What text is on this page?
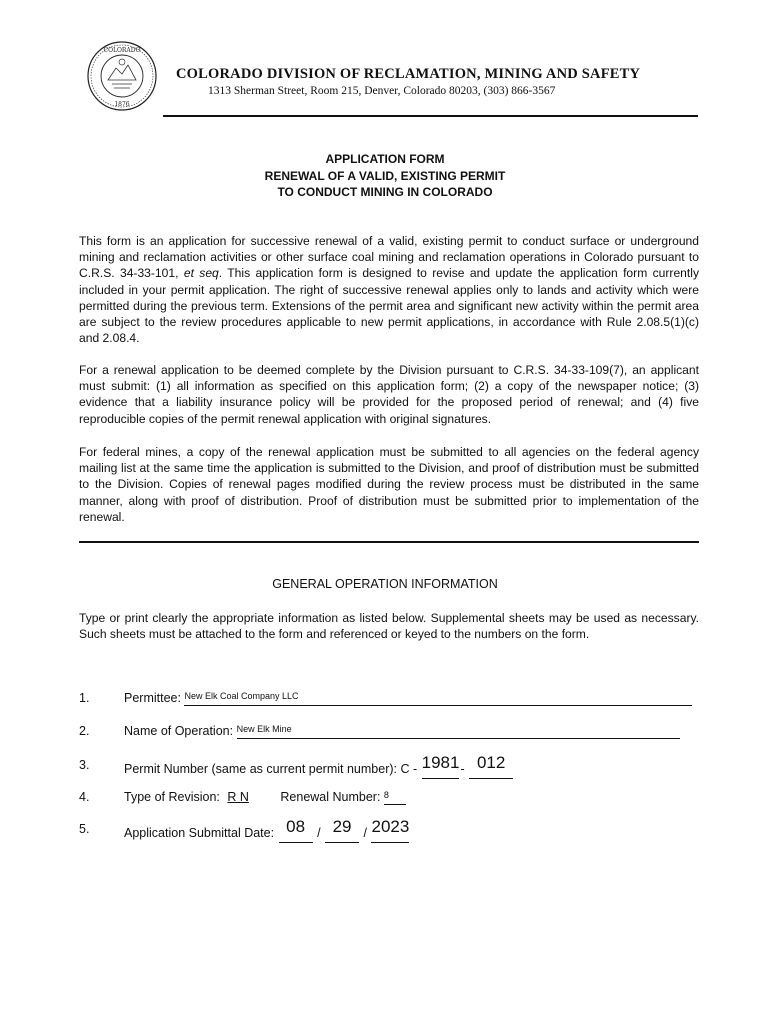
COLORADO
1876
COLORADO DIVISION OF RECLAMATION, MINING AND SAFETY
1313 Sherman Street, Room 215, Denver, Colorado 80203, (303) 866-3567
APPLICATION FORM
RENEWAL OF A VALID, EXISTING PERMIT
TO CONDUCT MINING IN COLORADO
This form is an application for successive renewal of a valid, existing permit to conduct surface or underground mining and reclamation activities or other surface coal mining and reclamation operations in Colorado pursuant to C.R.S. 34-33-101, et seq. This application form is designed to revise and update the application form currently included in your permit application. The right of successive renewal applies only to lands and activity which were permitted during the previous term. Extensions of the permit area and significant new activity within the permit area are subject to the review procedures applicable to new permit applications, in accordance with Rule 2.08.5(1)(c) and 2.08.4.
For a renewal application to be deemed complete by the Division pursuant to C.R.S. 34-33-109(7), an applicant must submit: (1) all information as specified on this application form; (2) a copy of the newspaper notice; (3) evidence that a liability insurance policy will be provided for the proposed period of renewal; and (4) five reproducible copies of the permit renewal application with original signatures.
For federal mines, a copy of the renewal application must be submitted to all agencies on the federal agency mailing list at the same time the application is submitted to the Division, and proof of distribution must be submitted to the Division. Copies of renewal pages modified during the review process must be distributed in the same manner, along with proof of distribution. Proof of distribution must be submitted prior to implementation of the renewal.
GENERAL OPERATION INFORMATION
Type or print clearly the appropriate information as listed below. Supplemental sheets may be used as necessary. Such sheets must be attached to the form and referenced or keyed to the numbers on the form.
1.	Permittee: $^{New Elk Coal Company LLC}$
2.	Name of Operation: $^{New Elk Mine}$
3.	Permit Number (same as current permit number): C - 1981- 012
4.	Type of Revision: R N	Renewal Number: $^8$
5.	Application Submittal Date: 08 / 29 / 2023
